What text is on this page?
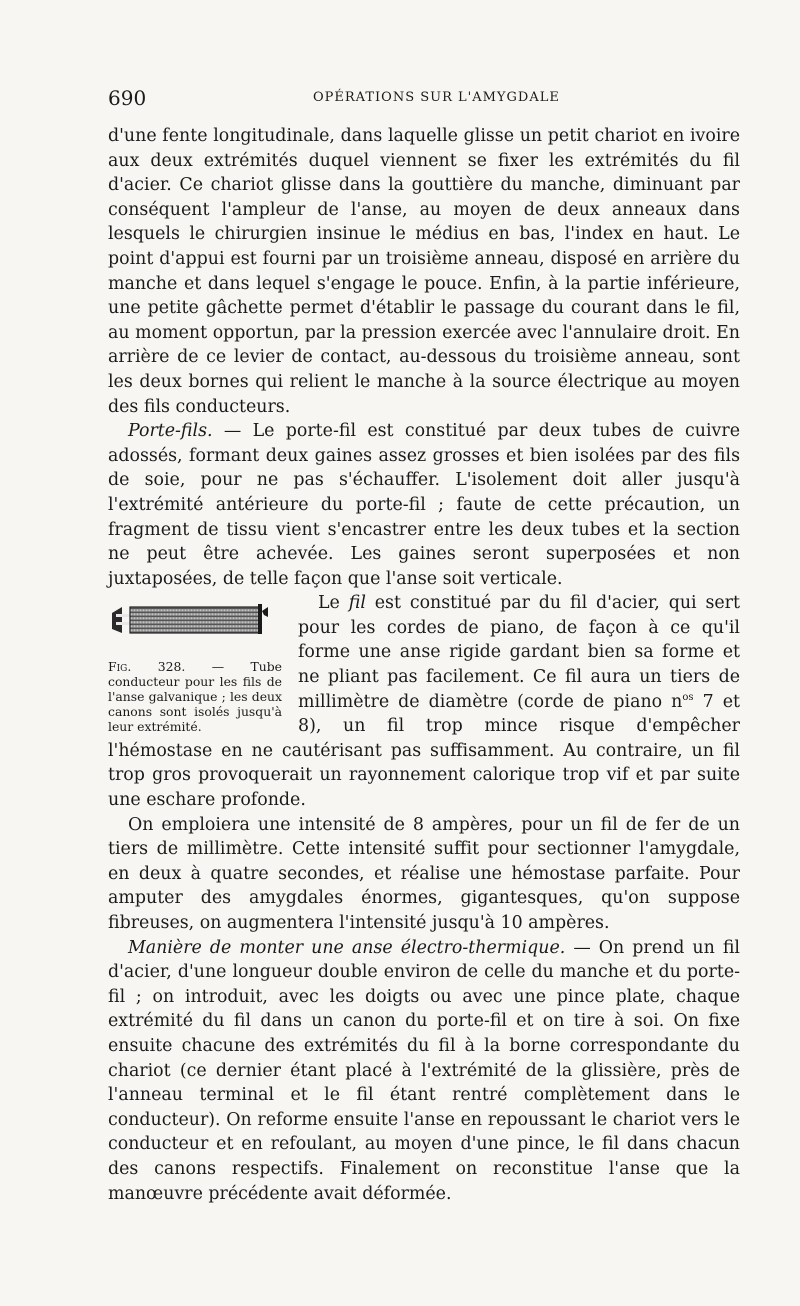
690	OPÉRATIONS SUR L'AMYGDALE

d'une fente longitudinale, dans laquelle glisse un petit chariot en ivoire aux deux extrémités duquel viennent se fixer les extrémités du fil d'acier. Ce chariot glisse dans la gouttière du manche, diminuant par conséquent l'ampleur de l'anse, au moyen de deux anneaux dans lesquels le chirurgien insinue le médius en bas, l'index en haut. Le point d'appui est fourni par un troisième anneau, disposé en arrière du manche et dans lequel s'engage le pouce. Enfin, à la partie inférieure, une petite gâchette permet d'établir le passage du courant dans le fil, au moment opportun, par la pression exercée avec l'annulaire droit. En arrière de ce levier de contact, au-dessous du troisième anneau, sont les deux bornes qui relient le manche à la source électrique au moyen des fils conducteurs.

Porte-fils. — Le porte-fil est constitué par deux tubes de cuivre adossés, formant deux gaines assez grosses et bien isolées par des fils de soie, pour ne pas s'échauffer. L'isolement doit aller jusqu'à l'extrémité antérieure du porte-fil ; faute de cette précaution, un fragment de tissu vient s'encastrer entre les deux tubes et la section ne peut être achevée. Les gaines seront superposées et non juxtaposées, de telle façon que l'anse soit verticale.

Fig. 328. — Tube conducteur pour les fils de l'anse galvanique ; les deux canons sont isolés jusqu'à leur extrémité.

Le fil est constitué par du fil d'acier, qui sert pour les cordes de piano, de façon à ce qu'il forme une anse rigide gardant bien sa forme et ne pliant pas facilement. Ce fil aura un tiers de millimètre de diamètre (corde de piano $n^{os}$ 7 et 8), un fil trop mince risque d'empêcher l'hémostase en ne cautérisant pas suffisamment. Au contraire, un fil trop gros provoquerait un rayonnement calorique trop vif et par suite une eschare profonde.

On emploiera une intensité de 8 ampères, pour un fil de fer de un tiers de millimètre. Cette intensité suffit pour sectionner l'amygdale, en deux à quatre secondes, et réalise une hémostase parfaite. Pour amputer des amygdales énormes, gigantesques, qu'on suppose fibreuses, on augmentera l'intensité jusqu'à 10 ampères.

Manière de monter une anse électro-thermique. — On prend un fil d'acier, d'une longueur double environ de celle du manche et du porte-fil ; on introduit, avec les doigts ou avec une pince plate, chaque extrémité du fil dans un canon du porte-fil et on tire à soi. On fixe ensuite chacune des extrémités du fil à la borne correspondante du chariot (ce dernier étant placé à l'extrémité de la glissière, près de l'anneau terminal et le fil étant rentré complètement dans le conducteur). On reforme ensuite l'anse en repoussant le chariot vers le conducteur et en refoulant, au moyen d'une pince, le fil dans chacun des canons respectifs. Finalement on reconstitue l'anse que la manœuvre précédente avait déformée.
